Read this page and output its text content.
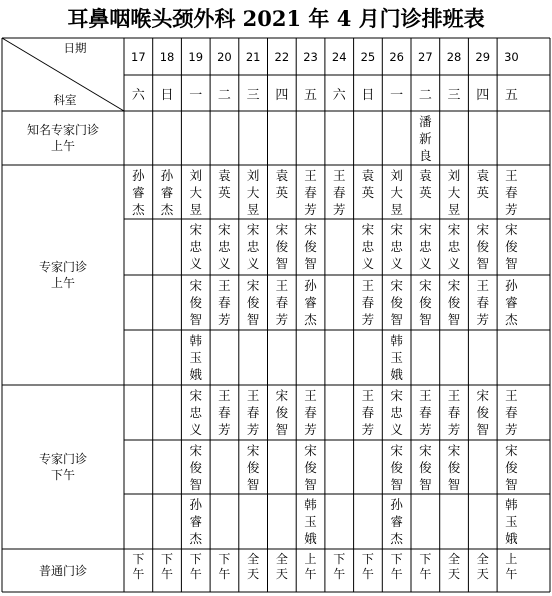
耳鼻咽喉头颈外科 2021 年 4 月门诊排班表
日期
科室
17
六
18
日
19
一
20
二
21
三
22
四
23
五
24
六
25
日
26
一
27
二
28
三
29
四
30
五
知名专家门诊
上午
专家门诊
上午
专家门诊
下午
普通门诊
潘
新
良
孙
睿
杰
孙
睿
杰
刘
大
昱
袁
英
刘
大
昱
袁
英
王
春
芳
王
春
芳
袁
英
刘
大
昱
袁
英
刘
大
昱
袁
英
王
春
芳
宋
忠
义
宋
忠
义
宋
忠
义
宋
俊
智
宋
俊
智
宋
忠
义
宋
忠
义
宋
忠
义
宋
忠
义
宋
俊
智
宋
俊
智
宋
俊
智
王
春
芳
宋
俊
智
王
春
芳
孙
睿
杰
王
春
芳
宋
俊
智
宋
俊
智
宋
俊
智
王
春
芳
孙
睿
杰
韩
玉
娥
韩
玉
娥
宋
忠
义
王
春
芳
王
春
芳
宋
俊
智
王
春
芳
王
春
芳
宋
忠
义
王
春
芳
王
春
芳
宋
俊
智
王
春
芳
宋
俊
智
宋
俊
智
宋
俊
智
宋
俊
智
宋
俊
智
宋
俊
智
宋
俊
智
孙
睿
杰
韩
玉
娥
孙
睿
杰
韩
玉
娥
下
午
下
午
下
午
下
午
全
天
全
天
上
午
下
午
下
午
下
午
下
午
全
天
全
天
上
午
